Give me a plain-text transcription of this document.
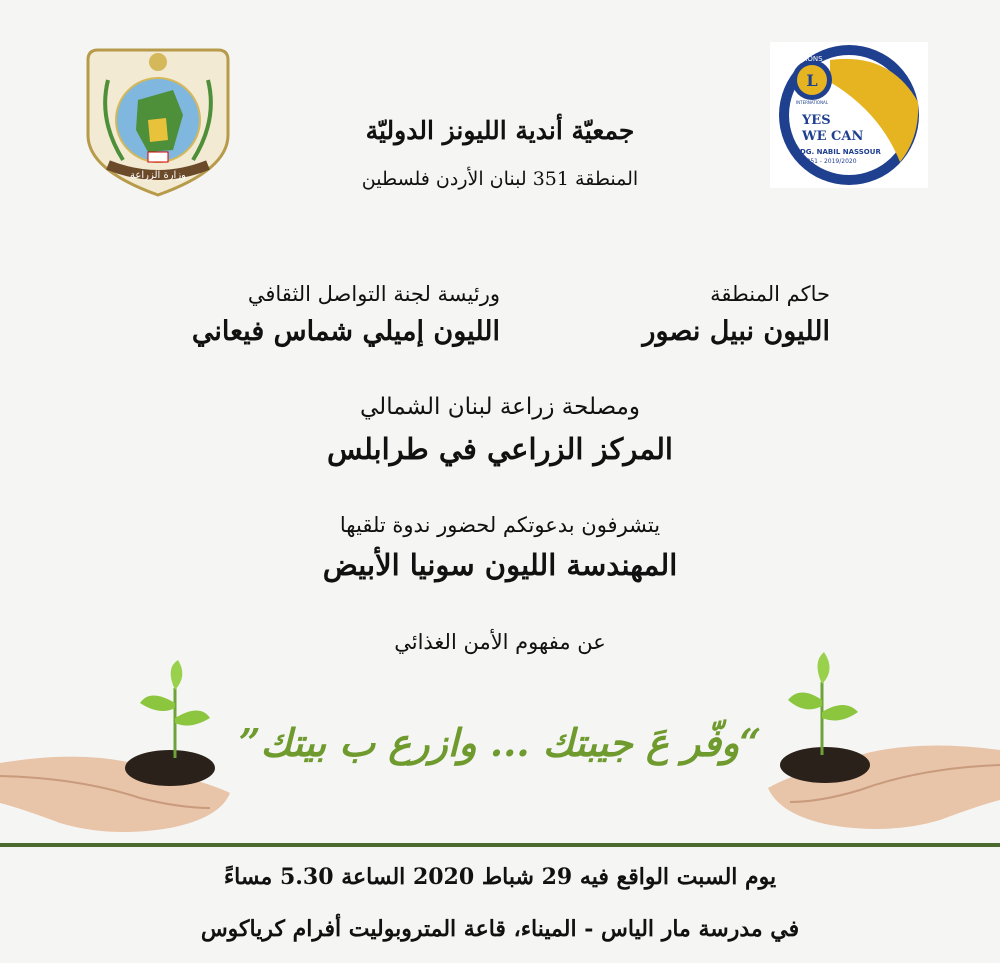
وزارة الزراعة
L
LIONS
INTERNATIONAL
YES
WE CAN
DG. NABIL NASSOUR
D 351 - 2019/2020
جمعيّة أندية الليونز الدوليّة
المنطقة 351 لبنان الأردن فلسطين
حاكم المنطقة
الليون نبيل نصور
ورئيسة لجنة التواصل الثقافي
الليون إميلي شماس فيعاني
ومصلحة زراعة لبنان الشمالي
المركز الزراعي في طرابلس
يتشرفون بدعوتكم لحضور ندوة تلقيها
المهندسة الليون سونيا الأبيض
عن مفهوم الأمن الغذائي
“وفّر عَ جيبتك ... وازرع ب بيتك”
يوم السبت الواقع فيه 29 شباط 2020 الساعة 5.30 مساءً
في مدرسة مار الياس - الميناء، قاعة المتروبوليت أفرام كرياكوس
